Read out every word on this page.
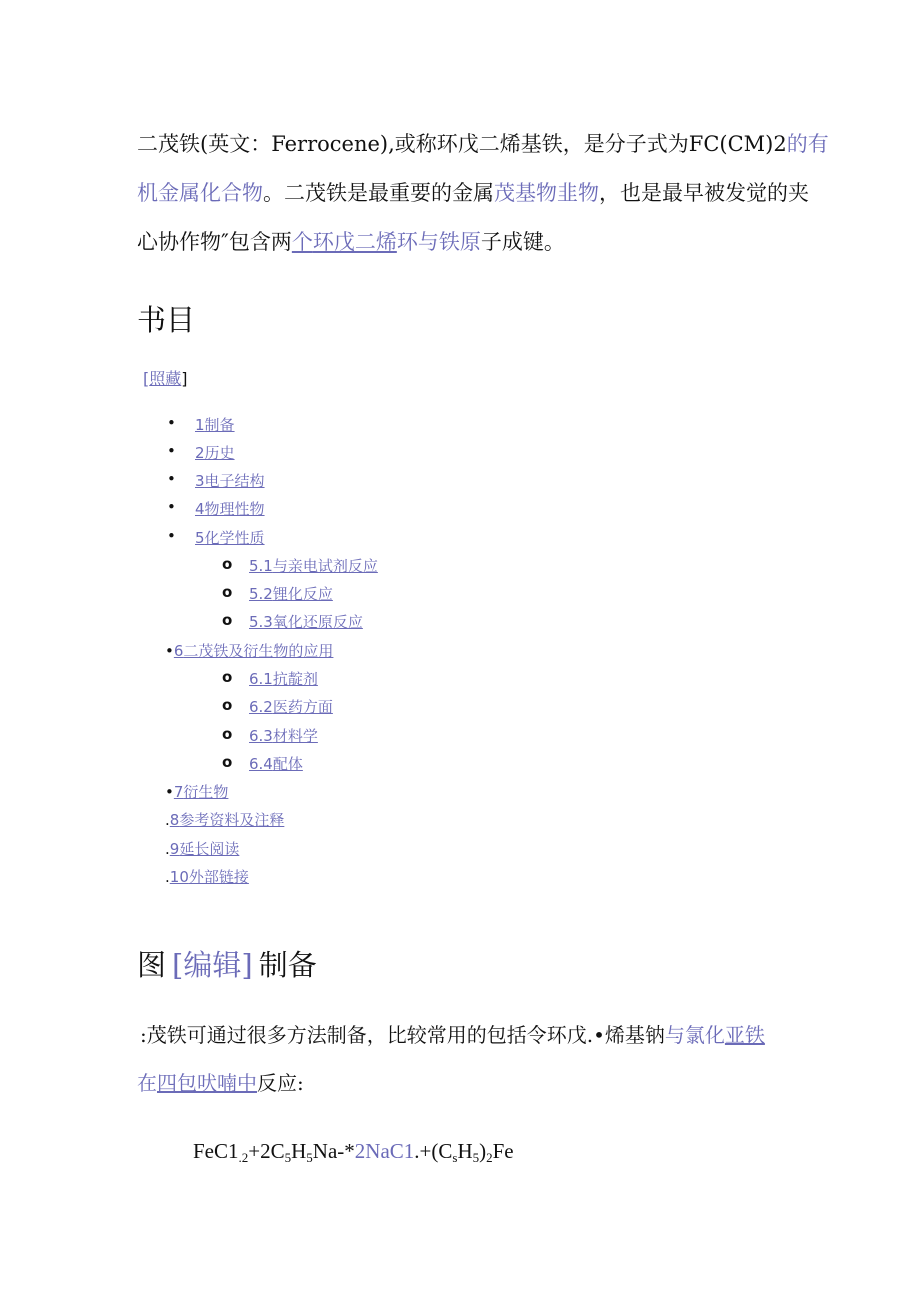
二茂铁(英文：Ferrocene),或称环戊二烯基铁，是分子式为FC(CM)2的有
机金属化合物。二茂铁是最重要的金属茂基物韭物，也是最早被发觉的夹
心协作物″包含两个环戊二烯环与铁原子成键。
书目
[照藏]
• 1制备
• 2历史
• 3电子结构
• 4物理性物
• 5化学性质
o 5.1与亲电试剂反应
o 5.2锂化反应
o 5.3氧化还原反应
•6二茂铁及衍生物的应用
o 6.1抗靛剂
o 6.2医药方面
o 6.3材料学
o 6.4配体
•7衍生物
.8参考资料及注释
.9延长阅读
.10外部链接
图 [编辑] 制备
:茂铁可通过很多方法制备，比较常用的包括令环戊.•烯基钠与氯化亚铁
在四包吠喃中反应:
$FeC1_{.2}+2C_5H_5Na-*2NaC1.+(C_sH_5)_2Fe$
